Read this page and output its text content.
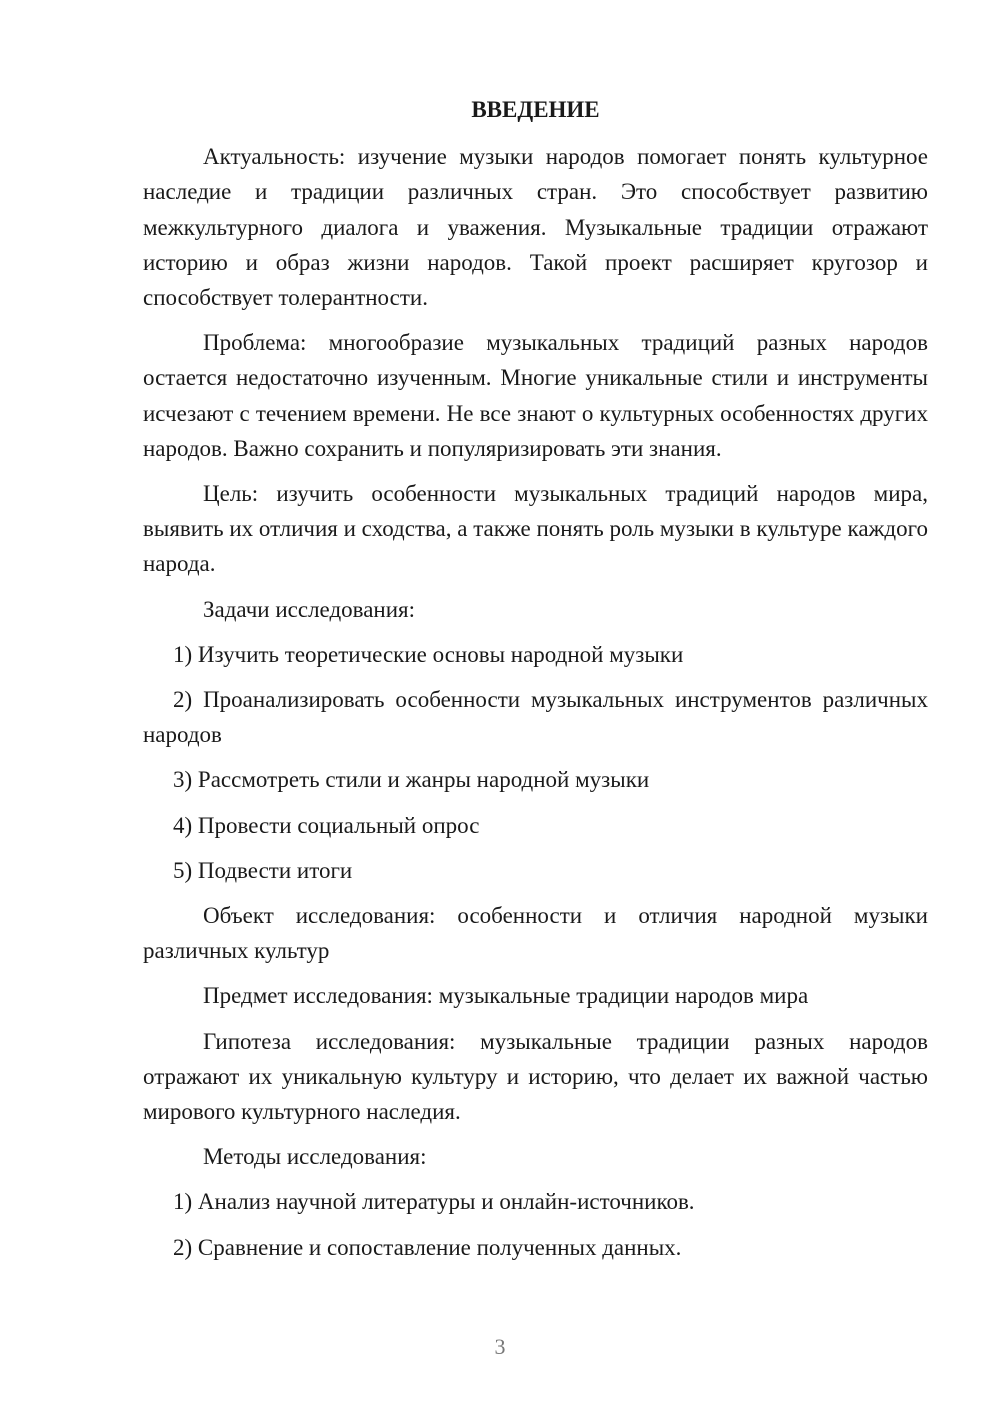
ВВЕДЕНИЕ

Актуальность: изучение музыки народов помогает понять культурное наследие и традиции различных стран. Это способствует развитию межкультурного диалога и уважения. Музыкальные традиции отражают историю и образ жизни народов. Такой проект расширяет кругозор и способствует толерантности.

Проблема: многообразие музыкальных традиций разных народов остается недостаточно изученным. Многие уникальные стили и инструменты исчезают с течением времени. Не все знают о культурных особенностях других народов. Важно сохранить и популяризировать эти знания.

Цель: изучить особенности музыкальных традиций народов мира, выявить их отличия и сходства, а также понять роль музыки в культуре каждого народа.

Задачи исследования:

1) Изучить теоретические основы народной музыки

2) Проанализировать особенности музыкальных инструментов различных народов

3) Рассмотреть стили и жанры народной музыки

4) Провести социальный опрос

5) Подвести итоги

Объект исследования: особенности и отличия народной музыки различных культур

Предмет исследования: музыкальные традиции народов мира

Гипотеза исследования: музыкальные традиции разных народов отражают их уникальную культуру и историю, что делает их важной частью мирового культурного наследия.

Методы исследования:

1) Анализ научной литературы и онлайн-источников.

2) Сравнение и сопоставление полученных данных.

3
